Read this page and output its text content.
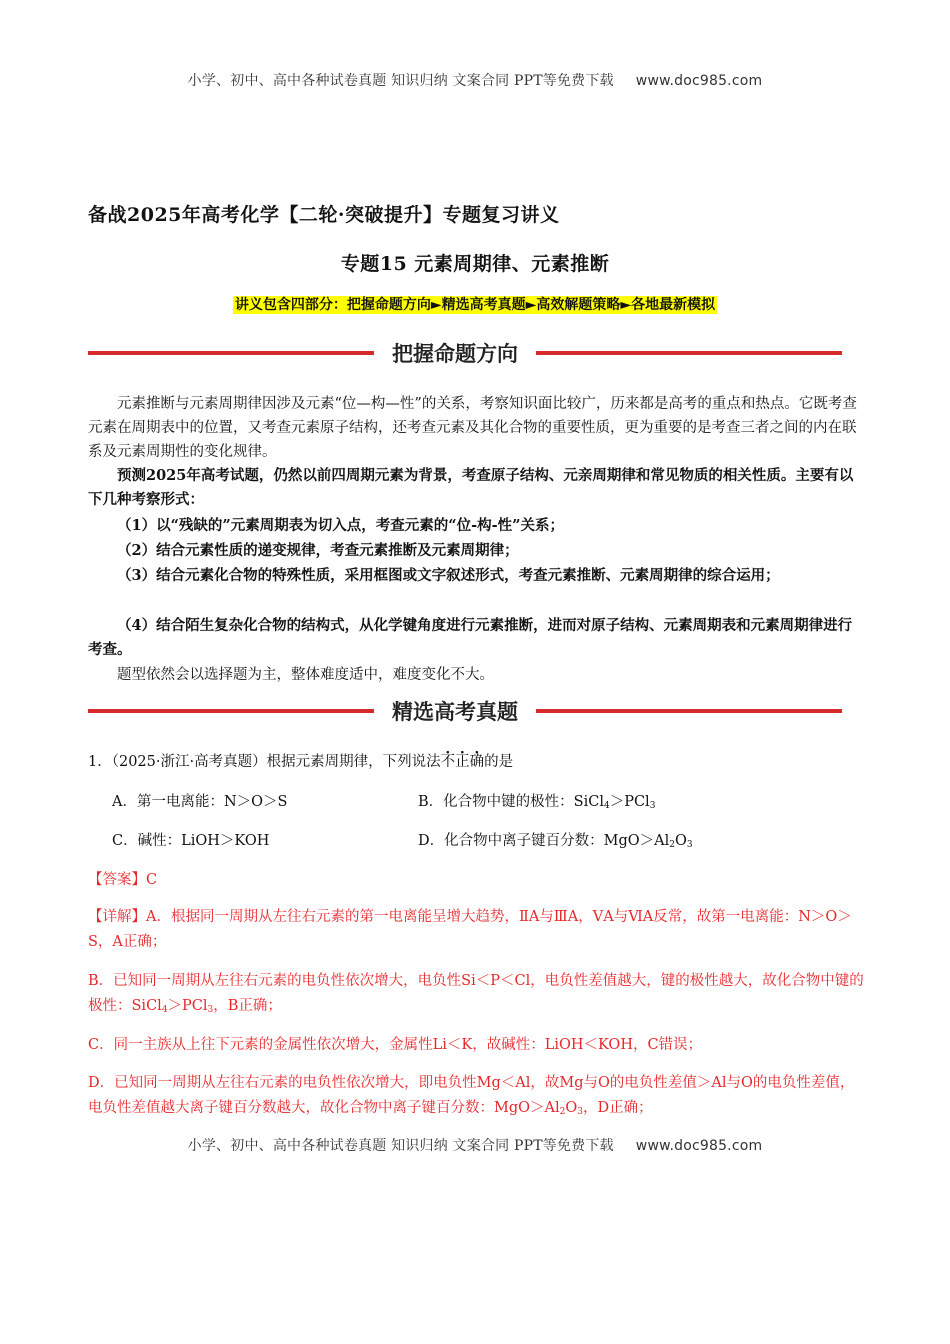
小学、初中、高中各种试卷真题 知识归纳 文案合同 PPT等免费下载 www.doc985.com
备战2025年高考化学【二轮·突破提升】专题复习讲义
专题15 元素周期律、元素推断
讲义包含四部分：把握命题方向►精选高考真题►高效解题策略►各地最新模拟
把握命题方向
元素推断与元素周期律因涉及元素“位—构—性”的关系，考察知识面比较广，历来都是高考的重点和热点。它既考查元素在周期表中的位置，又考查元素原子结构，还考查元素及其化合物的重要性质，更为重要的是考查三者之间的内在联系及元素周期性的变化规律。
预测2025年高考试题，仍然以前四周期元素为背景，考查原子结构、元亲周期律和常见物质的相关性质。主要有以下几种考察形式：
（1）以“残缺的”元素周期表为切入点，考查元素的“位-构-性”关系；
（2）结合元素性质的递变规律，考查元素推断及元素周期律；
（3）结合元素化合物的特殊性质，采用框图或文字叙述形式，考查元素推断、元素周期律的综合运用；
（4）结合陌生复杂化合物的结构式，从化学键角度进行元素推断，进而对原子结构、元素周期表和元素周期律进行考查。
题型依然会以选择题为主，整体难度适中，难度变化不大。
精选高考真题
1．（2025·浙江·高考真题）根据元素周期律，下列说法不正确的是
A．第一电离能：N＞O＞S	B．化合物中键的极性：SiCl$_4$＞PCl$_3$
C．碱性：LiOH＞KOH	D．化合物中离子键百分数：$MgO>Al_2O_3$
【答案】C
【详解】A．根据同一周期从左往右元素的第一电离能呈增大趋势，ⅡA与ⅢA，ⅤA与ⅥA反常，故第一电离能：N＞O＞S，A正确；
B．已知同一周期从左往右元素的电负性依次增大，电负性Si＜P＜Cl，电负性差值越大，键的极性越大，故化合物中键的极性：SiCl$_4$＞PCl$_3$，B正确；
C．同一主族从上往下元素的金属性依次增大，金属性Li＜K，故碱性：LiOH＜KOH，C错误；
D．已知同一周期从左往右元素的电负性依次增大，即电负性Mg＜Al，故Mg与O的电负性差值＞Al与O的电负性差值，电负性差值越大离子键百分数越大，故化合物中离子键百分数：$MgO>Al_2O_3$，D正确；
小学、初中、高中各种试卷真题 知识归纳 文案合同 PPT等免费下载 www.doc985.com
